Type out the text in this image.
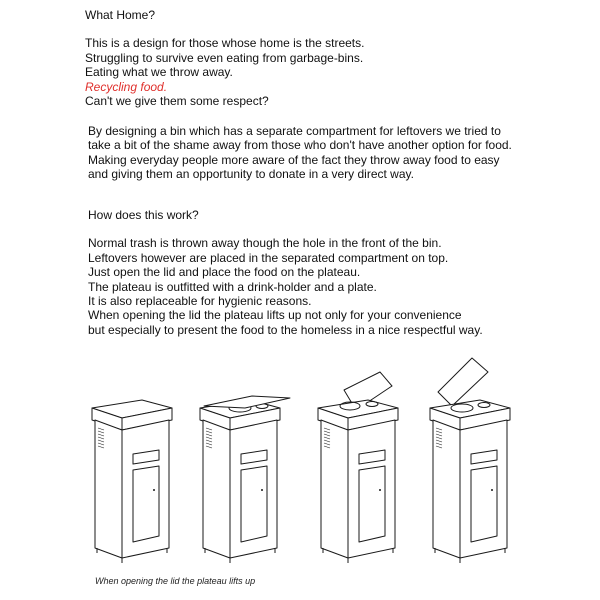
What Home?
This is a design for those whose home is the streets.
Struggling to survive even eating from garbage-bins.
Eating what we throw away.
Recycling food.
Can't we give them some respect?
By designing a bin which has a separate compartment for leftovers we tried to
take a bit of the shame away from those who don't have another option for food.
Making everyday people more aware of the fact they throw away food to easy
and giving them an opportunity to donate in a very direct way.
How does this work?
Normal trash is thrown away though the hole in the front of the bin.
Leftovers however are placed in the separated compartment on top.
Just open the lid and place the food on the plateau.
The plateau is outfitted with a drink-holder and a plate.
It is also replaceable for hygienic reasons.
When opening the lid the plateau lifts up not only for your convenience
but especially to present the food to the homeless in a nice respectful way.
When opening the lid the plateau lifts up
